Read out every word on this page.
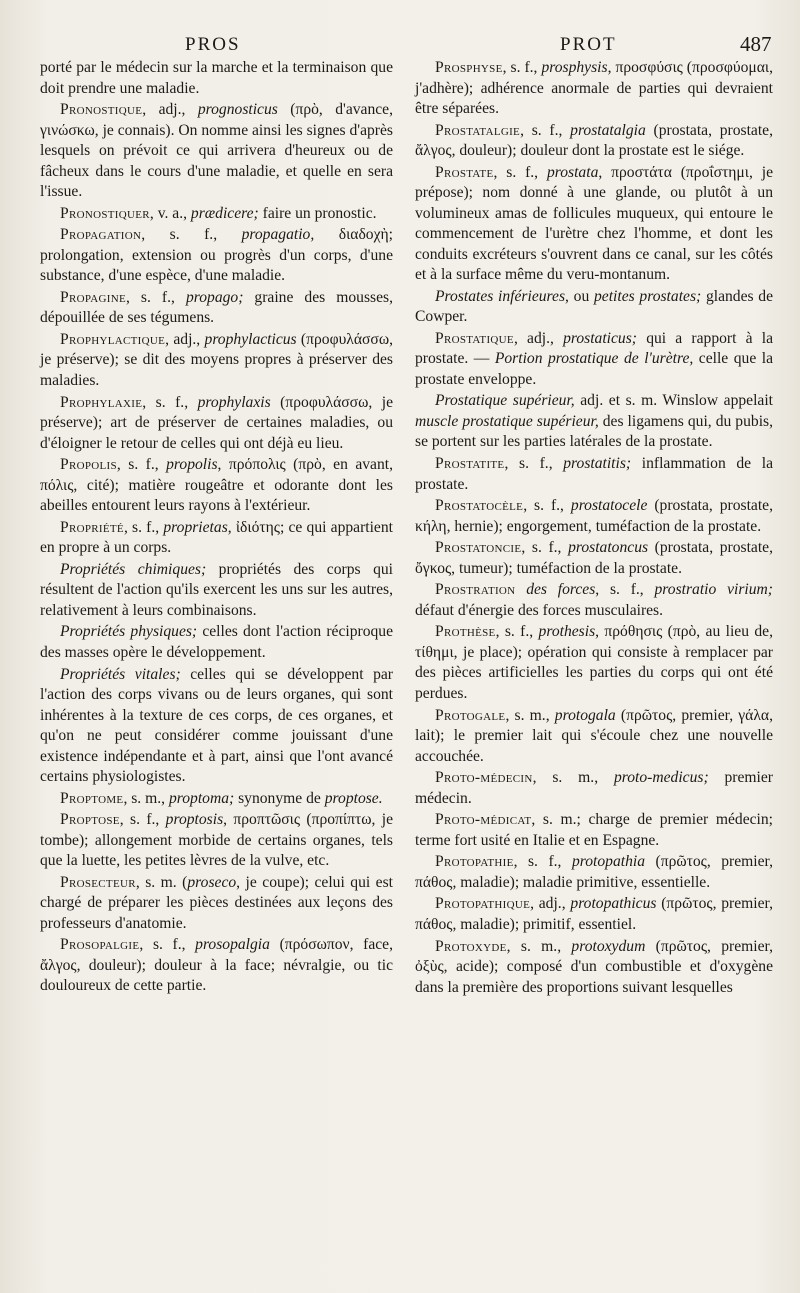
PROS	PROT	487

porté par le médecin sur la marche et la terminaison que doit prendre une maladie.

Pronostique, adj., prognosticus (πρὸ, d'avance, γινώσκω, je connais). On nomme ainsi les signes d'après lesquels on prévoit ce qui arrivera d'heureux ou de fâcheux dans le cours d'une maladie, et quelle en sera l'issue.

Pronostiquer, v. a., prædicere; faire un pronostic.

Propagation, s. f., propagatio, διαδοχὴ; prolongation, extension ou progrès d'un corps, d'une substance, d'une espèce, d'une maladie.

Propagine, s. f., propago; graine des mousses, dépouillée de ses tégumens.

Prophylactique, adj., prophylacticus (προφυλάσσω, je préserve); se dit des moyens propres à préserver des maladies.

Prophylaxie, s. f., prophylaxis (προφυλάσσω, je préserve); art de préserver de certaines maladies, ou d'éloigner le retour de celles qui ont déjà eu lieu.

Propolis, s. f., propolis, πρόπολις (πρὸ, en avant, πόλις, cité); matière rougeâtre et odorante dont les abeilles entourent leurs rayons à l'extérieur.

Propriété, s. f., proprietas, ἰδιότης; ce qui appartient en propre à un corps.

Propriétés chimiques; propriétés des corps qui résultent de l'action qu'ils exercent les uns sur les autres, relativement à leurs combinaisons.

Propriétés physiques; celles dont l'action réciproque des masses opère le développement.

Propriétés vitales; celles qui se développent par l'action des corps vivans ou de leurs organes, qui sont inhérentes à la texture de ces corps, de ces organes, et qu'on ne peut considérer comme jouissant d'une existence indépendante et à part, ainsi que l'ont avancé certains physiologistes.

Proptome, s. m., proptoma; synonyme de proptose.

Proptose, s. f., proptosis, προπτῶσις (προπίπτω, je tombe); allongement morbide de certains organes, tels que la luette, les petites lèvres de la vulve, etc.

Prosecteur, s. m. (proseco, je coupe); celui qui est chargé de préparer les pièces destinées aux leçons des professeurs d'anatomie.

Prosopalgie, s. f., prosopalgia (πρόσωπον, face, ἄλγος, douleur); douleur à la face; névralgie, ou tic douloureux de cette partie.

Prosphyse, s. f., prosphysis, προσφύσις (προσφύομαι, j'adhère); adhérence anormale de parties qui devraient être séparées.

Prostatalgie, s. f., prostatalgia (prostata, prostate, ἄλγος, douleur); douleur dont la prostate est le siége.

Prostate, s. f., prostata, προστάτα (προΐστημι, je prépose); nom donné à une glande, ou plutôt à un volumineux amas de follicules muqueux, qui entoure le commencement de l'urètre chez l'homme, et dont les conduits excréteurs s'ouvrent dans ce canal, sur les côtés et à la surface même du veru-montanum.

Prostates inférieures, ou petites prostates; glandes de Cowper.

Prostatique, adj., prostaticus; qui a rapport à la prostate. — Portion prostatique de l'urètre, celle que la prostate enveloppe.

Prostatique supérieur, adj. et s. m. Winslow appelait muscle prostatique supérieur, des ligamens qui, du pubis, se portent sur les parties latérales de la prostate.

Prostatite, s. f., prostatitis; inflammation de la prostate.

Prostatocèle, s. f., prostatocele (prostata, prostate, κήλη, hernie); engorgement, tuméfaction de la prostate.

Prostatoncie, s. f., prostatoncus (prostata, prostate, ὄγκος, tumeur); tuméfaction de la prostate.

Prostration des forces, s. f., prostratio virium; défaut d'énergie des forces musculaires.

Prothèse, s. f., prothesis, πρόθησις (πρὸ, au lieu de, τίθημι, je place); opération qui consiste à remplacer par des pièces artificielles les parties du corps qui ont été perdues.

Protogale, s. m., protogala (πρῶτος, premier, γάλα, lait); le premier lait qui s'écoule chez une nouvelle accouchée.

Proto-médecin, s. m., proto-medicus; premier médecin.

Proto-médicat, s. m.; charge de premier médecin; terme fort usité en Italie et en Espagne.

Protopathie, s. f., protopathia (πρῶτος, premier, πάθος, maladie); maladie primitive, essentielle.

Protopathique, adj., protopathicus (πρῶτος, premier, πάθος, maladie); primitif, essentiel.

Protoxyde, s. m., protoxydum (πρῶτος, premier, ὀξὺς, acide); composé d'un combustible et d'oxygène dans la première des proportions suivant lesquelles
